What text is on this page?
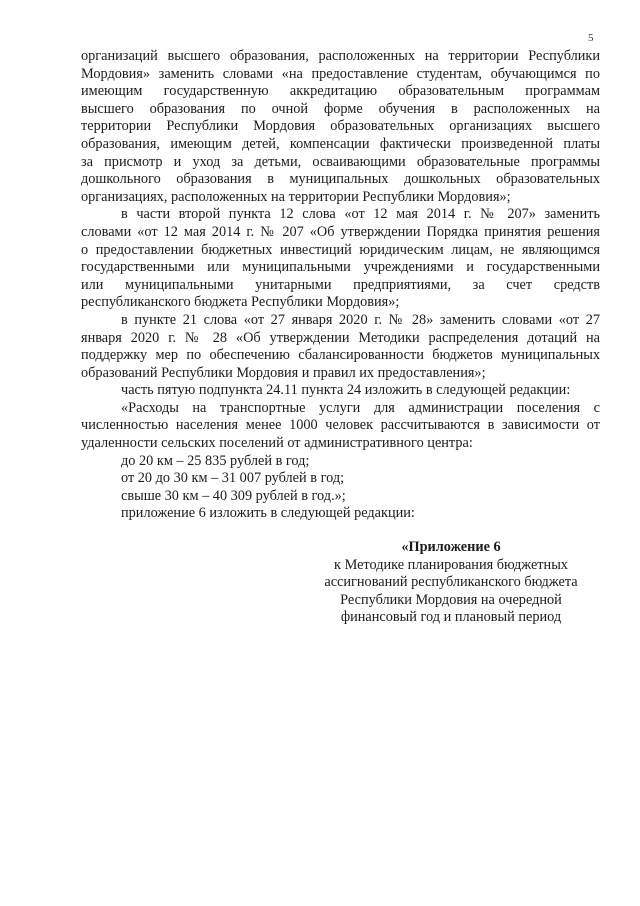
5
организаций высшего образования, расположенных на территории Республики
Мордовия» заменить словами «на предоставление студентам, обучающимся по
имеющим государственную аккредитацию образовательным программам
высшего образования по очной форме обучения в расположенных на
территории Республики Мордовия образовательных организациях высшего
образования, имеющим детей, компенсации фактически произведенной платы
за присмотр и уход за детьми, осваивающими образовательные программы
дошкольного образования в муниципальных дошкольных образовательных
организациях, расположенных на территории Республики Мордовия»;
в части второй пункта 12 слова «от 12 мая 2014 г. № 207» заменить
словами «от 12 мая 2014 г. № 207 «Об утверждении Порядка принятия решения
о предоставлении бюджетных инвестиций юридическим лицам, не являющимся
государственными или муниципальными учреждениями и государственными
или муниципальными унитарными предприятиями, за счет средств
республиканского бюджета Республики Мордовия»;
в пункте 21 слова «от 27 января 2020 г. № 28» заменить словами «от 27
января 2020 г. № 28 «Об утверждении Методики распределения дотаций на
поддержку мер по обеспечению сбалансированности бюджетов муниципальных
образований Республики Мордовия и правил их предоставления»;
часть пятую подпункта 24.11 пункта 24 изложить в следующей редакции:
«Расходы на транспортные услуги для администрации поселения с
численностью населения менее 1000 человек рассчитываются в зависимости от
удаленности сельских поселений от административного центра:
до 20 км – 25 835 рублей в год;
от 20 до 30 км – 31 007 рублей в год;
свыше 30 км – 40 309 рублей в год.»;
приложение 6 изложить в следующей редакции:
«Приложение 6
к Методике планирования бюджетных
ассигнований республиканского бюджета
Республики Мордовия на очередной
финансовый год и плановый период
